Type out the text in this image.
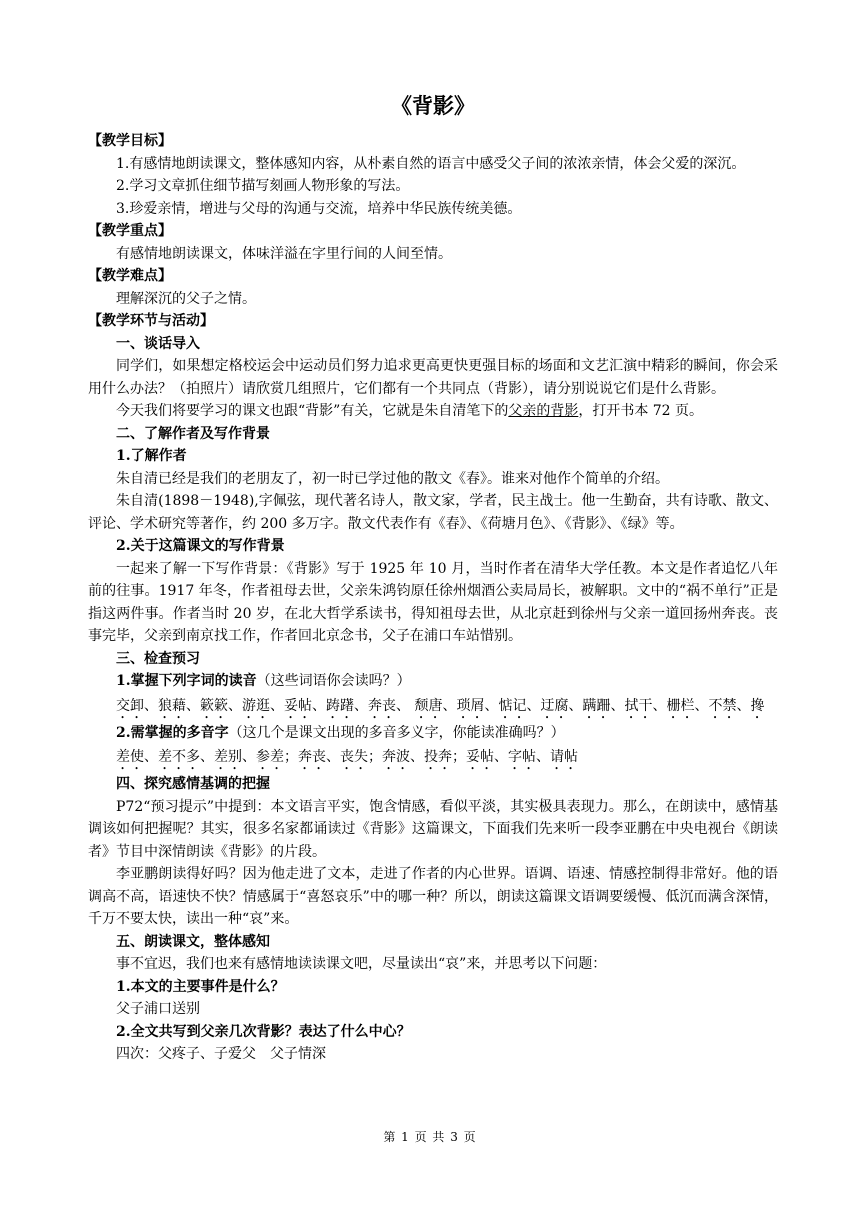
《背影》

【教学目标】

1.有感情地朗读课文，整体感知内容，从朴素自然的语言中感受父子间的浓浓亲情，体会父爱的深沉。

2.学习文章抓住细节描写刻画人物形象的写法。

3.珍爱亲情，增进与父母的沟通与交流，培养中华民族传统美德。

【教学重点】

有感情地朗读课文，体味洋溢在字里行间的人间至情。

【教学难点】

理解深沉的父子之情。

【教学环节与活动】

一、谈话导入

同学们，如果想定格校运会中运动员们努力追求更高更快更强目标的场面和文艺汇演中精彩的瞬间，你会采用什么办法？（拍照片）请欣赏几组照片，它们都有一个共同点（背影），请分别说说它们是什么背影。

今天我们将要学习的课文也跟“背影”有关，它就是朱自清笔下的父亲的背影，打开书本 72 页。

二、了解作者及写作背景

1.了解作者

朱自清已经是我们的老朋友了，初一时已学过他的散文《春》。谁来对他作个简单的介绍。

朱自清(1898－1948),字佩弦，现代著名诗人，散文家，学者，民主战士。他一生勤奋，共有诗歌、散文、评论、学术研究等著作，约 200 多万字。散文代表作有《春》、《荷塘月色》、《背影》、《绿》等。

2.关于这篇课文的写作背景

一起来了解一下写作背景：《背影》写于 1925 年 10 月，当时作者在清华大学任教。本文是作者追忆八年前的往事。1917 年冬，作者祖母去世，父亲朱鸿钧原任徐州烟酒公卖局局长，被解职。文中的“祸不单行”正是指这两件事。作者当时 20 岁，在北大哲学系读书，得知祖母去世，从北京赶到徐州与父亲一道回扬州奔丧。丧事完毕，父亲到南京找工作，作者回北京念书，父子在浦口车站惜别。

三、检查预习

1.掌握下列字词的读音（这些词语你会读吗？）

交卸、狼藉、簌簌、游逛、妥帖、踌躇、奔丧、 颓唐、琐屑、惦记、迂腐、蹒跚、拭干、栅栏、不禁、搀

2.需掌握的多音字（这几个是课文出现的多音多义字，你能读准确吗？）

差使、差不多、差别、参差；奔丧、丧失；奔波、投奔；妥帖、字帖、请帖

四、探究感情基调的把握

P72“预习提示”中提到：本文语言平实，饱含情感，看似平淡，其实极具表现力。那么，在朗读中，感情基调该如何把握呢？其实，很多名家都诵读过《背影》这篇课文，下面我们先来听一段李亚鹏在中央电视台《朗读者》节目中深情朗读《背影》的片段。

李亚鹏朗读得好吗？因为他走进了文本，走进了作者的内心世界。语调、语速、情感控制得非常好。他的语调高不高，语速快不快？情感属于“喜怒哀乐”中的哪一种？所以，朗读这篇课文语调要缓慢、低沉而满含深情，千万不要太快，读出一种“哀”来。

五、朗读课文，整体感知

事不宜迟，我们也来有感情地读读课文吧，尽量读出“哀”来，并思考以下问题：

1.本文的主要事件是什么？

父子浦口送别

2.全文共写到父亲几次背影？表达了什么中心？

四次：父疼子、子爱父　父子情深

第 1 页 共 3 页
